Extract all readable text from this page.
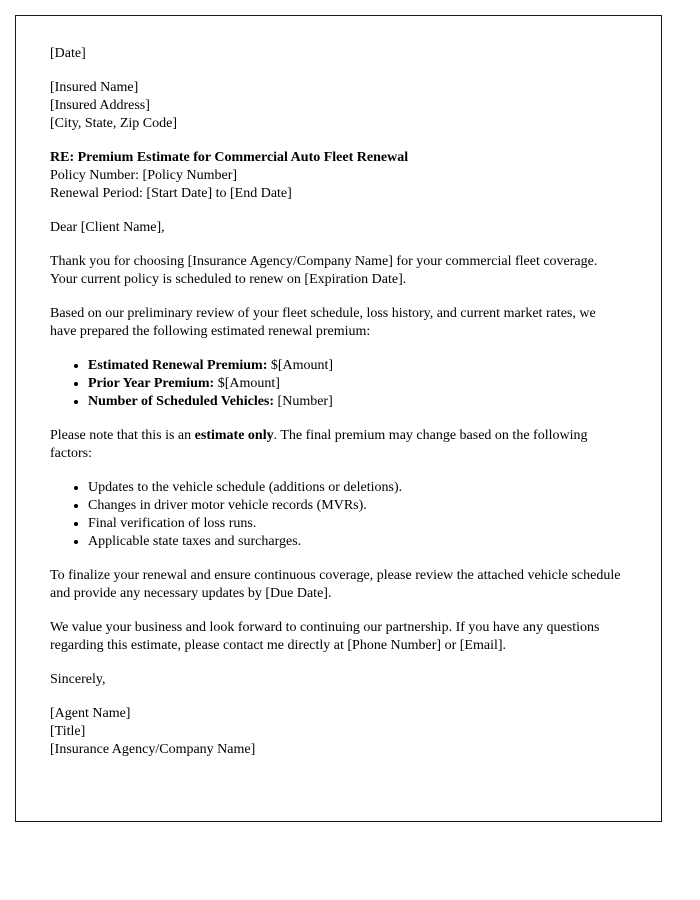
[Date]

[Insured Name]
[Insured Address]
[City, State, Zip Code]
RE: Premium Estimate for Commercial Auto Fleet Renewal
Policy Number: [Policy Number]
Renewal Period: [Start Date] to [End Date]

Dear [Client Name],

Thank you for choosing [Insurance Agency/Company Name] for your commercial fleet coverage. Your current policy is scheduled to renew on [Expiration Date].

Based on our preliminary review of your fleet schedule, loss history, and current market rates, we have prepared the following estimated renewal premium:

• Estimated Renewal Premium: $[Amount]
• Prior Year Premium: $[Amount]
• Number of Scheduled Vehicles: [Number]

Please note that this is an estimate only. The final premium may change based on the following factors:

• Updates to the vehicle schedule (additions or deletions).
• Changes in driver motor vehicle records (MVRs).
• Final verification of loss runs.
• Applicable state taxes and surcharges.

To finalize your renewal and ensure continuous coverage, please review the attached vehicle schedule and provide any necessary updates by [Due Date].

We value your business and look forward to continuing our partnership. If you have any questions regarding this estimate, please contact me directly at [Phone Number] or [Email].

Sincerely,

[Agent Name]
[Title]
[Insurance Agency/Company Name]
